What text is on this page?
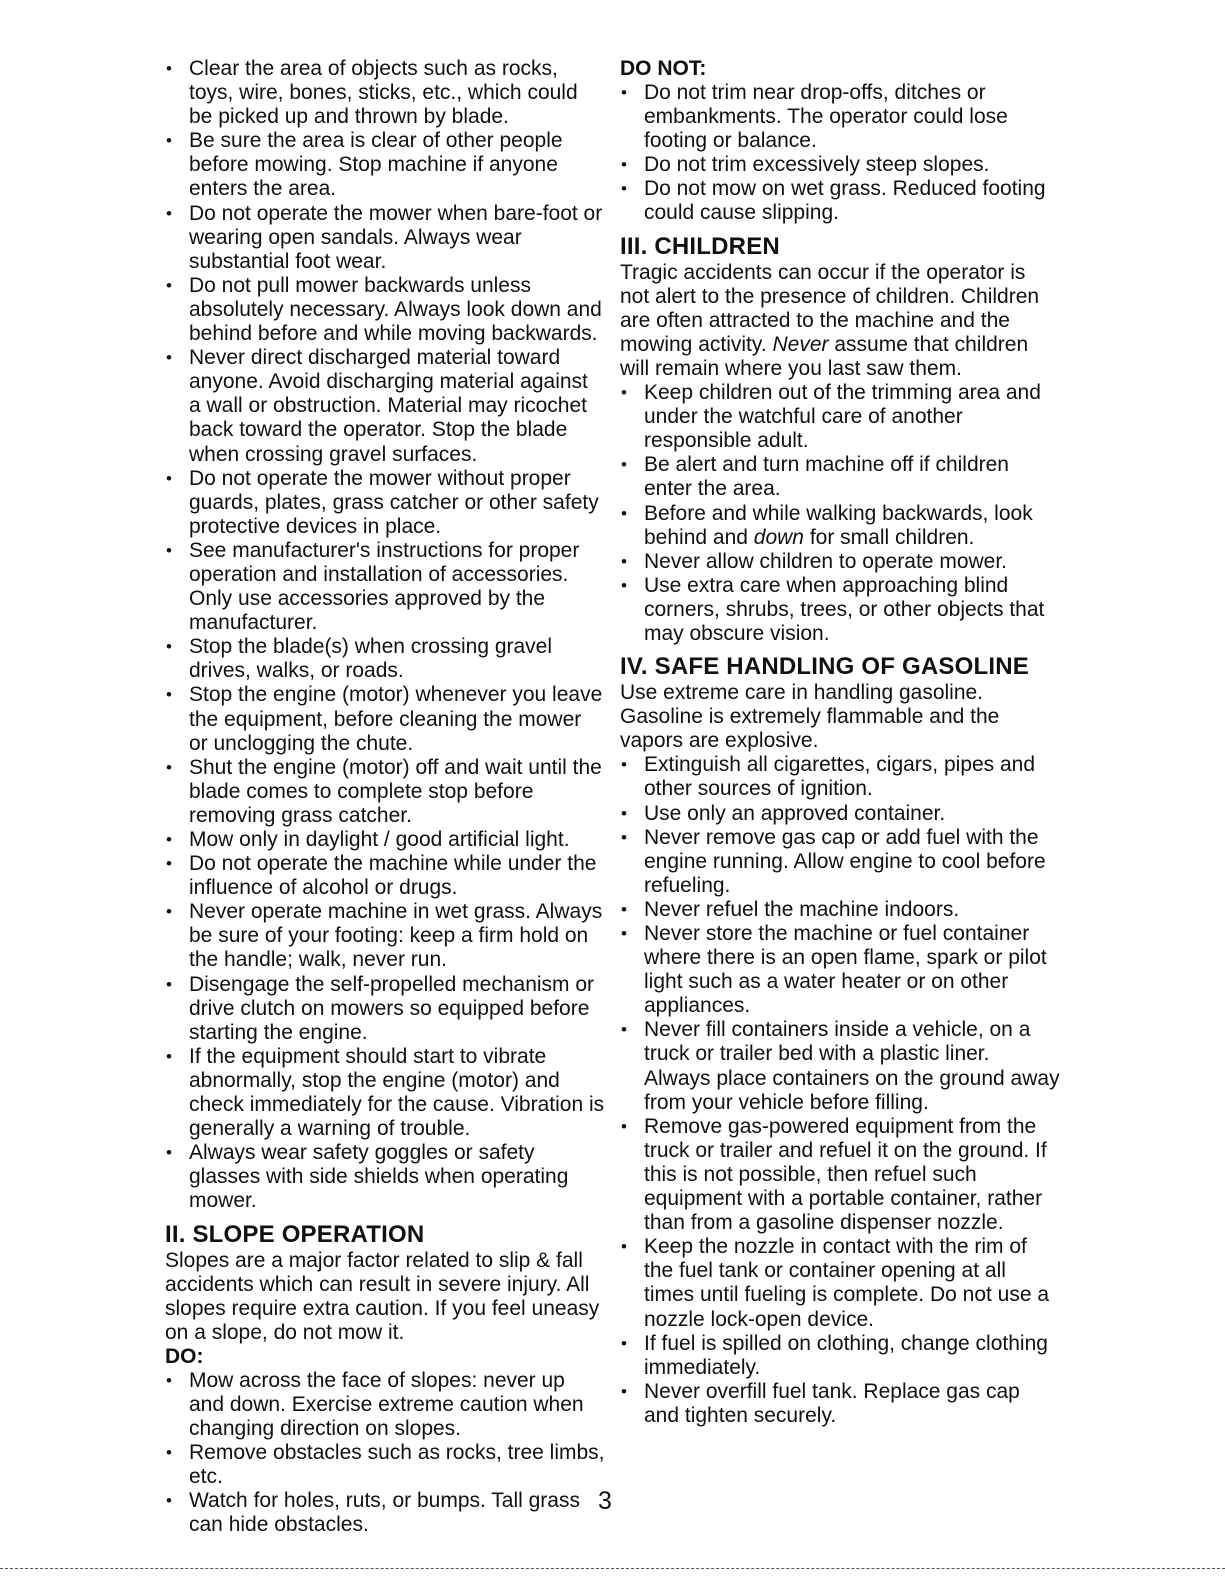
• Clear the area of objects such as rocks, toys, wire, bones, sticks, etc., which could be picked up and thrown by blade.

• Be sure the area is clear of other people before mowing. Stop machine if anyone enters the area.

• Do not operate the mower when bare-foot or wearing open sandals. Always wear substantial foot wear.

• Do not pull mower backwards unless absolutely necessary. Always look down and behind before and while moving backwards.

• Never direct discharged material toward anyone. Avoid discharging material against a wall or obstruction. Material may ricochet back toward the operator. Stop the blade when crossing gravel surfaces.

• Do not operate the mower without proper guards, plates, grass catcher or other safety protective devices in place.

• See manufacturer's instructions for proper operation and installation of accessories. Only use accessories approved by the manufacturer.

• Stop the blade(s) when crossing gravel drives, walks, or roads.

• Stop the engine (motor) whenever you leave the equipment, before cleaning the mower or unclogging the chute.

• Shut the engine (motor) off and wait until the blade comes to complete stop before removing grass catcher.

• Mow only in daylight / good artificial light.

• Do not operate the machine while under the influence of alcohol or drugs.

• Never operate machine in wet grass. Always be sure of your footing: keep a firm hold on the handle; walk, never run.

• Disengage the self-propelled mechanism or drive clutch on mowers so equipped before starting the engine.

• If the equipment should start to vibrate abnormally, stop the engine (motor) and check immediately for the cause. Vibration is generally a warning of trouble.

• Always wear safety goggles or safety glasses with side shields when operating mower.

II. SLOPE OPERATION

Slopes are a major factor related to slip & fall accidents which can result in severe injury. All slopes require extra caution. If you feel uneasy on a slope, do not mow it.

DO:

• Mow across the face of slopes: never up and down. Exercise extreme caution when changing direction on slopes.

• Remove obstacles such as rocks, tree limbs, etc.

• Watch for holes, ruts, or bumps. Tall grass can hide obstacles.

DO NOT:

• Do not trim near drop-offs, ditches or embankments. The operator could lose footing or balance.

• Do not trim excessively steep slopes.

• Do not mow on wet grass. Reduced footing could cause slipping.

III. CHILDREN

Tragic accidents can occur if the operator is not alert to the presence of children. Children are often attracted to the machine and the mowing activity. Never assume that children will remain where you last saw them.

• Keep children out of the trimming area and under the watchful care of another responsible adult.

• Be alert and turn machine off if children enter the area.

• Before and while walking backwards, look behind and down for small children.

• Never allow children to operate mower.

• Use extra care when approaching blind corners, shrubs, trees, or other objects that may obscure vision.

IV. SAFE HANDLING OF GASOLINE

Use extreme care in handling gasoline. Gasoline is extremely flammable and the vapors are explosive.

• Extinguish all cigarettes, cigars, pipes and other sources of ignition.

• Use only an approved container.

• Never remove gas cap or add fuel with the engine running. Allow engine to cool before refueling.

• Never refuel the machine indoors.

• Never store the machine or fuel container where there is an open flame, spark or pilot light such as a water heater or on other appliances.

• Never fill containers inside a vehicle, on a truck or trailer bed with a plastic liner. Always place containers on the ground away from your vehicle before filling.

• Remove gas-powered equipment from the truck or trailer and refuel it on the ground. If this is not possible, then refuel such equipment with a portable container, rather than from a gasoline dispenser nozzle.

• Keep the nozzle in contact with the rim of the fuel tank or container opening at all times until fueling is complete. Do not use a nozzle lock-open device.

• If fuel is spilled on clothing, change clothing immediately.

• Never overfill fuel tank. Replace gas cap and tighten securely.

3
